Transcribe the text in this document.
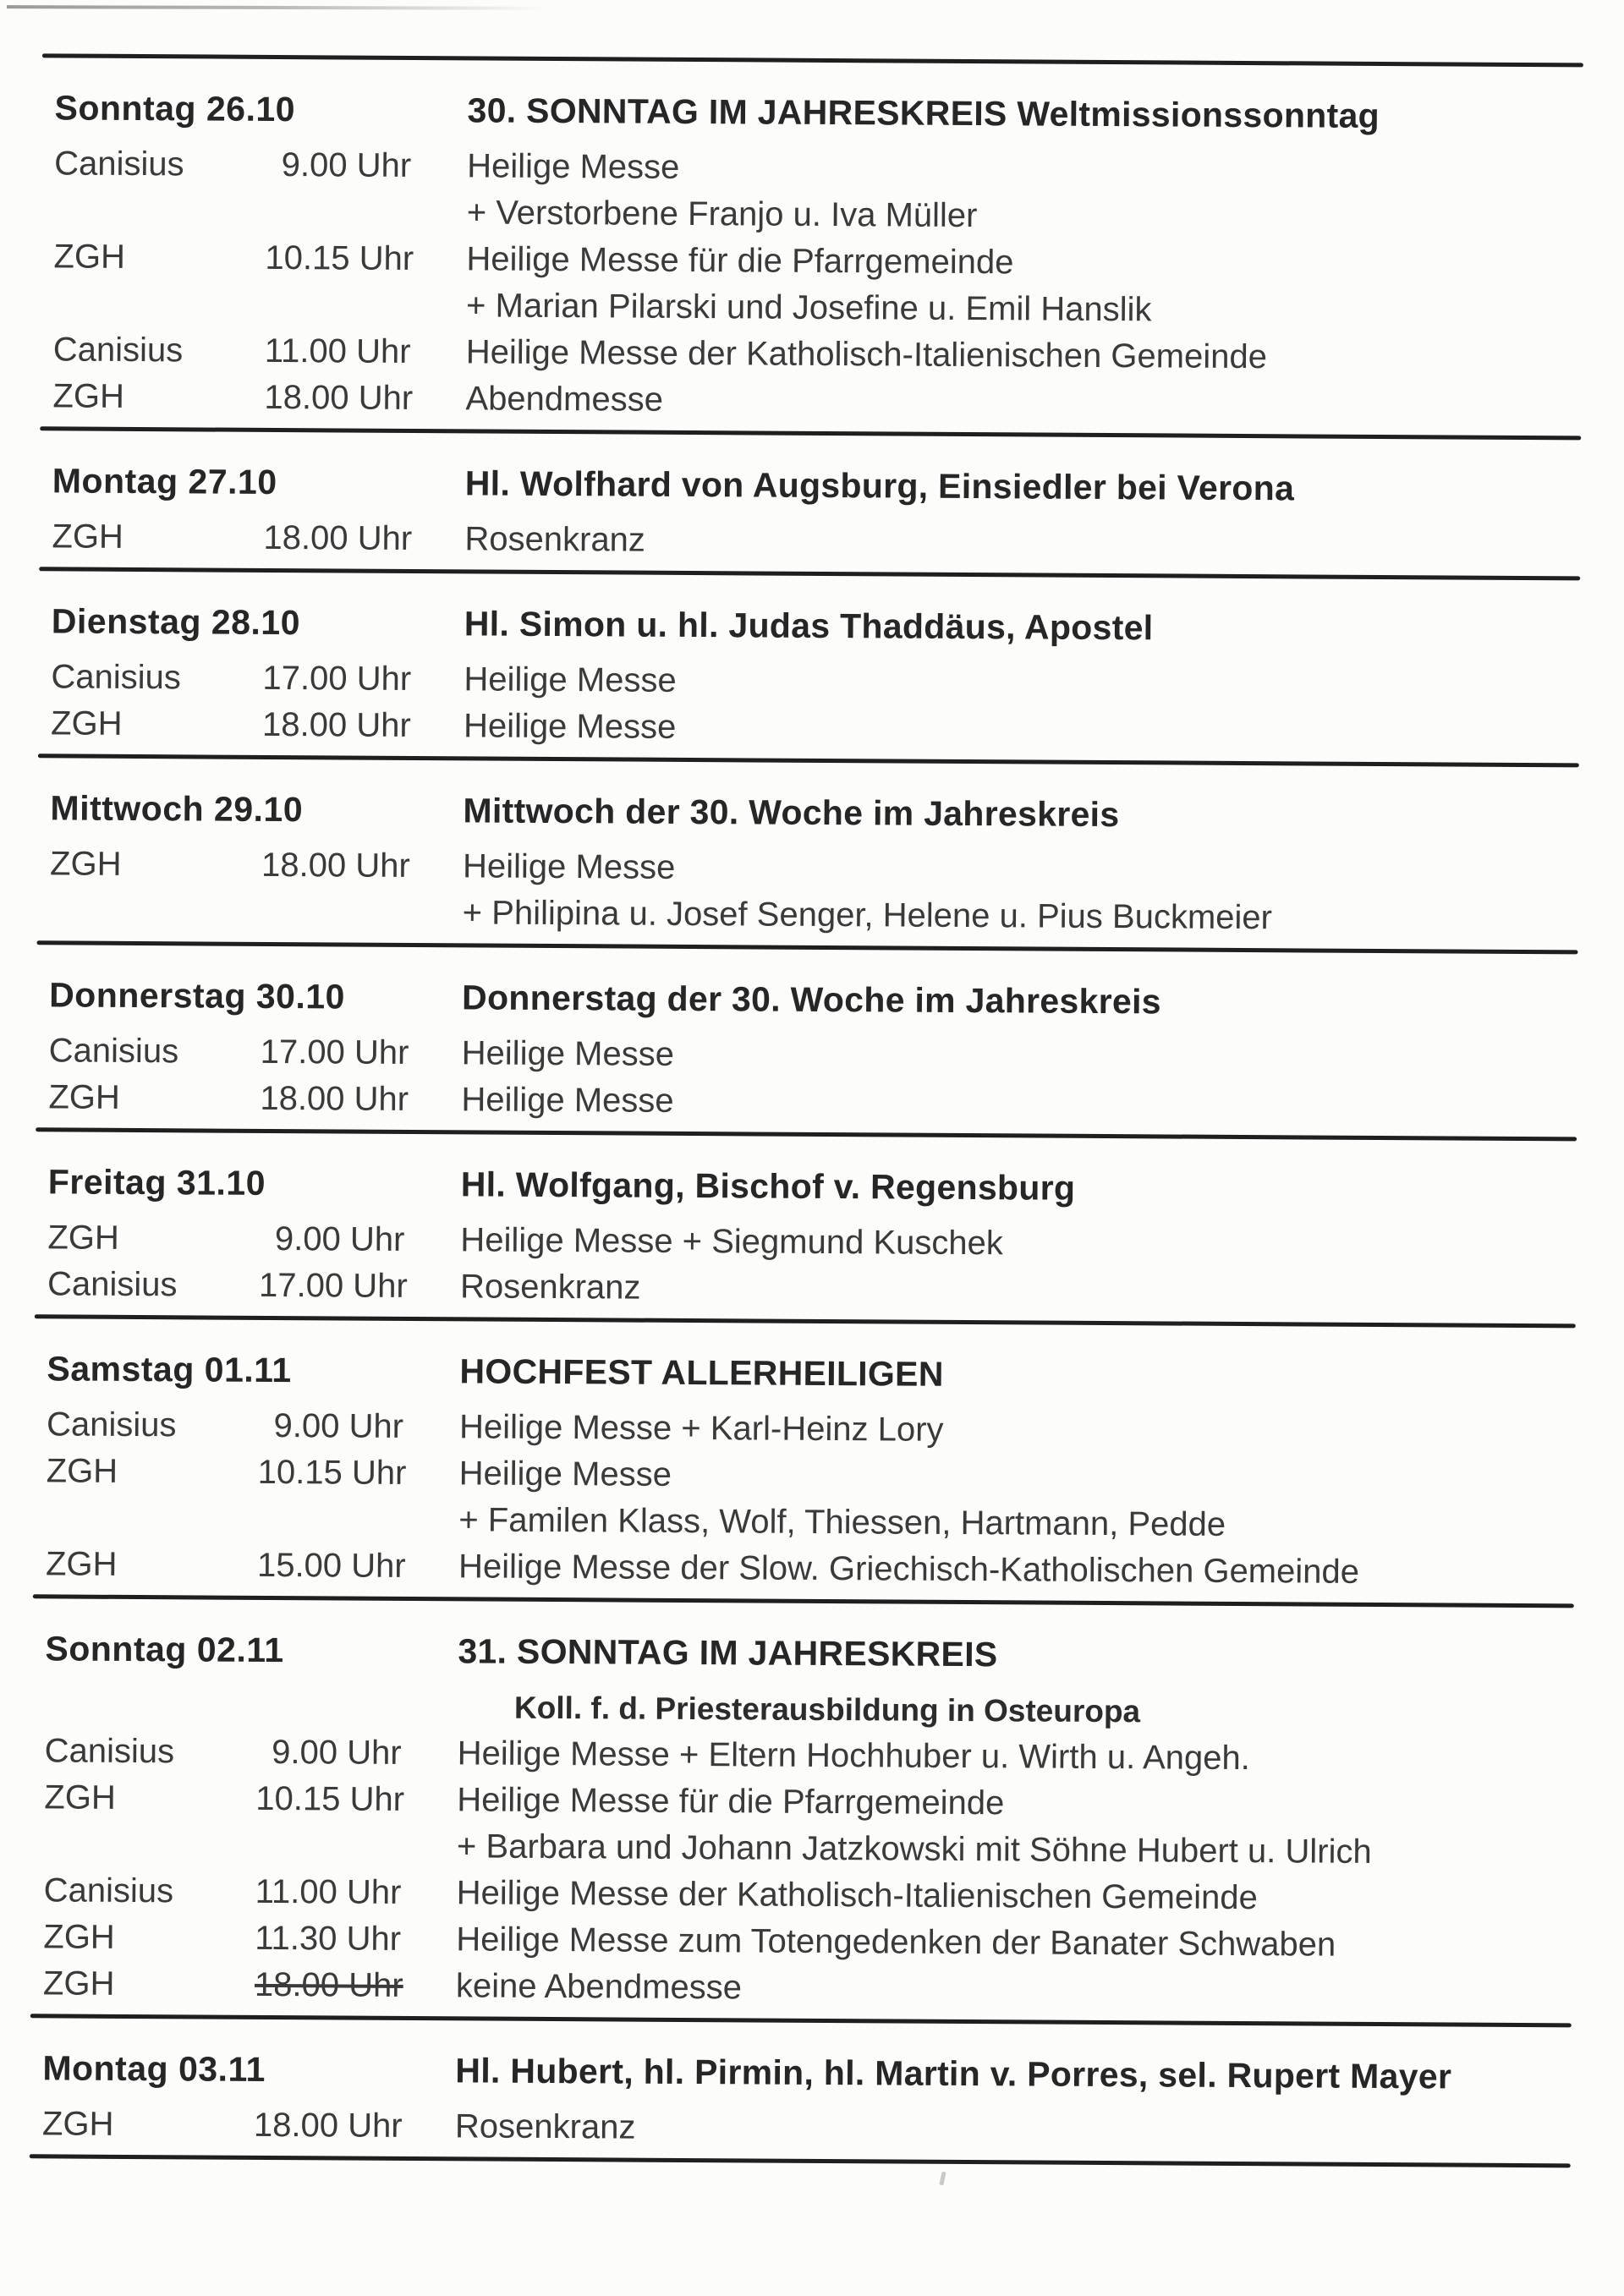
Sonntag 26.10	30. SONNTAG IM JAHRESKREIS Weltmissionssonntag
Canisius	9.00 Uhr	Heilige Messe
+ Verstorbene Franjo u. Iva Müller
ZGH	10.15 Uhr	Heilige Messe für die Pfarrgemeinde
+ Marian Pilarski und Josefine u. Emil Hanslik
Canisius	11.00 Uhr	Heilige Messe der Katholisch-Italienischen Gemeinde
ZGH	18.00 Uhr	Abendmesse
Montag 27.10	Hl. Wolfhard von Augsburg, Einsiedler bei Verona
ZGH	18.00 Uhr	Rosenkranz
Dienstag 28.10	Hl. Simon u. hl. Judas Thaddäus, Apostel
Canisius	17.00 Uhr	Heilige Messe
ZGH	18.00 Uhr	Heilige Messe
Mittwoch 29.10	Mittwoch der 30. Woche im Jahreskreis
ZGH	18.00 Uhr	Heilige Messe
+ Philipina u. Josef Senger, Helene u. Pius Buckmeier
Donnerstag 30.10	Donnerstag der 30. Woche im Jahreskreis
Canisius	17.00 Uhr	Heilige Messe
ZGH	18.00 Uhr	Heilige Messe
Freitag 31.10	Hl. Wolfgang, Bischof v. Regensburg
ZGH	9.00 Uhr	Heilige Messe + Siegmund Kuschek
Canisius	17.00 Uhr	Rosenkranz
Samstag 01.11	HOCHFEST ALLERHEILIGEN
Canisius	9.00 Uhr	Heilige Messe + Karl-Heinz Lory
ZGH	10.15 Uhr	Heilige Messe
+ Familen Klass, Wolf, Thiessen, Hartmann, Pedde
ZGH	15.00 Uhr	Heilige Messe der Slow. Griechisch-Katholischen Gemeinde
Sonntag 02.11	31. SONNTAG IM JAHRESKREIS
Koll. f. d. Priesterausbildung in Osteuropa
Canisius	9.00 Uhr	Heilige Messe + Eltern Hochhuber u. Wirth u. Angeh.
ZGH	10.15 Uhr	Heilige Messe für die Pfarrgemeinde
+ Barbara und Johann Jatzkowski mit Söhne Hubert u. Ulrich
Canisius	11.00 Uhr	Heilige Messe der Katholisch-Italienischen Gemeinde
ZGH	11.30 Uhr	Heilige Messe zum Totengedenken der Banater Schwaben
ZGH	18.00 Uhr	keine Abendmesse
Montag 03.11	Hl. Hubert, hl. Pirmin, hl. Martin v. Porres, sel. Rupert Mayer
ZGH	18.00 Uhr	Rosenkranz
